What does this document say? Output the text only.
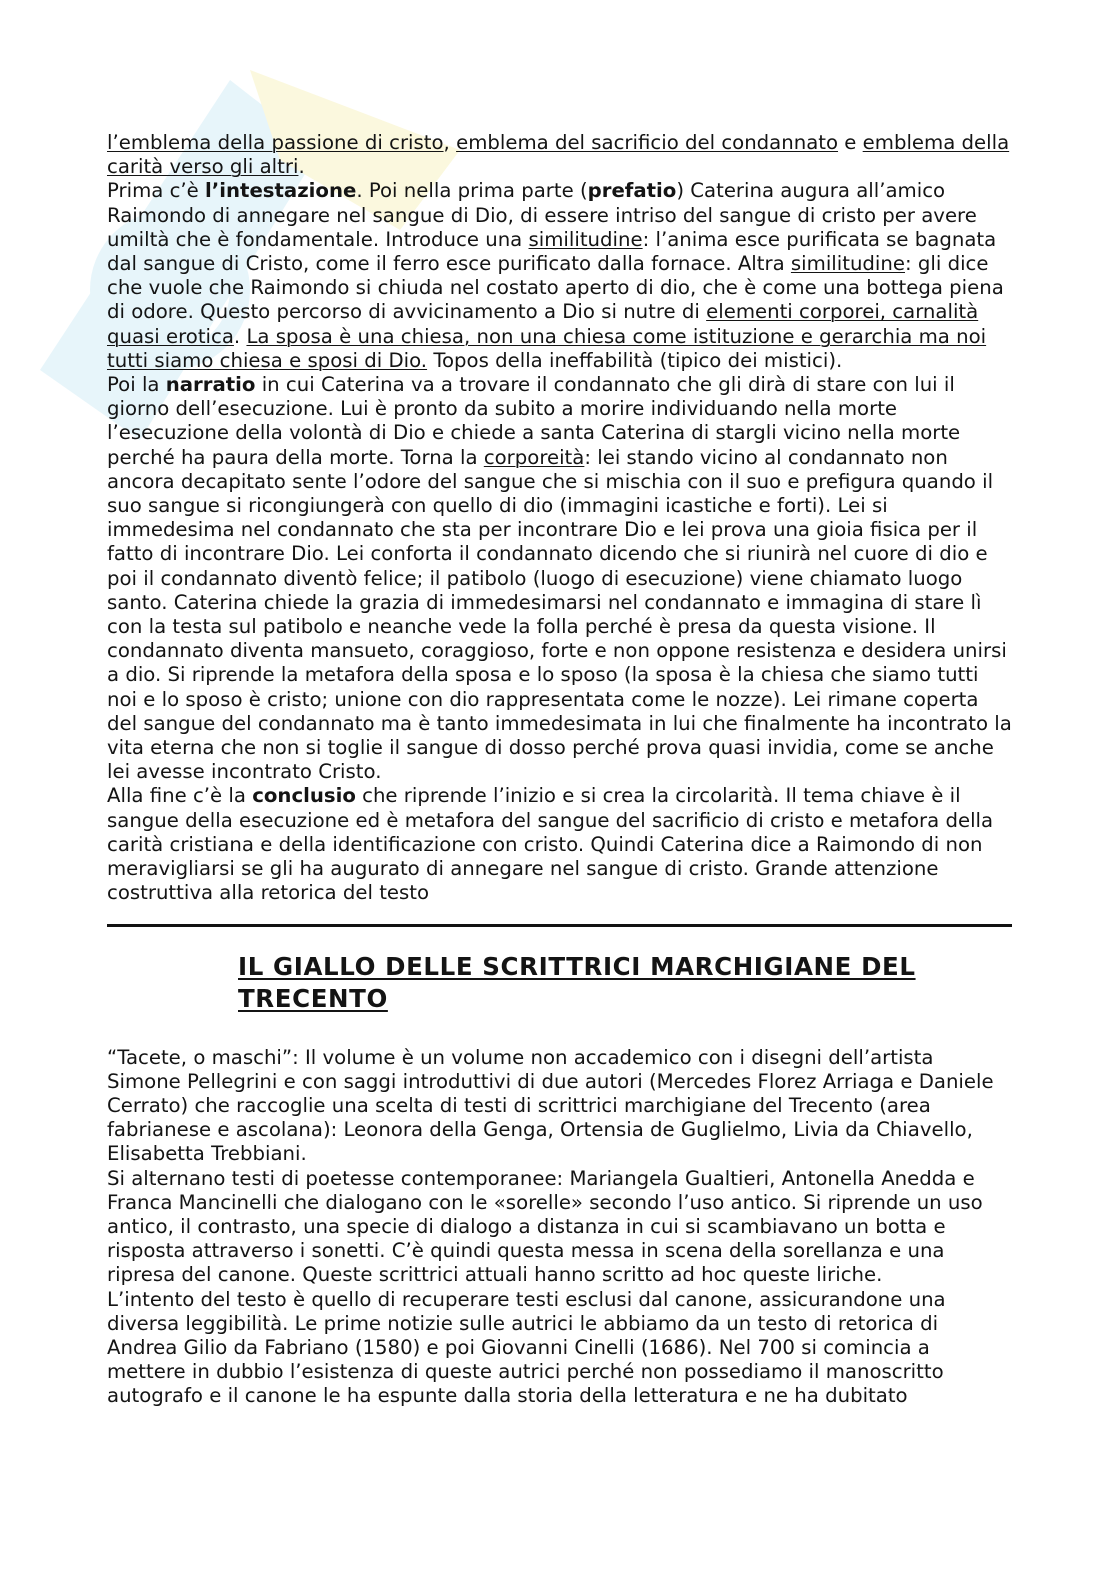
l’emblema della passione di cristo, emblema del sacrificio del condannato e emblema della carità verso gli altri.

Prima c’è l’intestazione. Poi nella prima parte (prefatio) Caterina augura all’amico Raimondo di annegare nel sangue di Dio, di essere intriso del sangue di cristo per avere umiltà che è fondamentale. Introduce una similitudine: l’anima esce purificata se bagnata dal sangue di Cristo, come il ferro esce purificato dalla fornace. Altra similitudine: gli dice che vuole che Raimondo si chiuda nel costato aperto di dio, che è come una bottega piena di odore. Questo percorso di avvicinamento a Dio si nutre di elementi corporei, carnalità quasi erotica. La sposa è una chiesa, non una chiesa come istituzione e gerarchia ma noi tutti siamo chiesa e sposi di Dio. Topos della ineffabilità (tipico dei mistici).

Poi la narratio in cui Caterina va a trovare il condannato che gli dirà di stare con lui il giorno dell’esecuzione. Lui è pronto da subito a morire individuando nella morte l’esecuzione della volontà di Dio e chiede a santa Caterina di stargli vicino nella morte perché ha paura della morte. Torna la corporeità: lei stando vicino al condannato non ancora decapitato sente l’odore del sangue che si mischia con il suo e prefigura quando il suo sangue si ricongiungerà con quello di dio (immagini icastiche e forti). Lei si immedesima nel condannato che sta per incontrare Dio e lei prova una gioia fisica per il fatto di incontrare Dio. Lei conforta il condannato dicendo che si riunirà nel cuore di dio e poi il condannato diventò felice; il patibolo (luogo di esecuzione) viene chiamato luogo santo. Caterina chiede la grazia di immedesimarsi nel condannato e immagina di stare lì con la testa sul patibolo e neanche vede la folla perché è presa da questa visione. Il condannato diventa mansueto, coraggioso, forte e non oppone resistenza e desidera unirsi a dio. Si riprende la metafora della sposa e lo sposo (la sposa è la chiesa che siamo tutti noi e lo sposo è cristo; unione con dio rappresentata come le nozze). Lei rimane coperta del sangue del condannato ma è tanto immedesimata in lui che finalmente ha incontrato la vita eterna che non si toglie il sangue di dosso perché prova quasi invidia, come se anche lei avesse incontrato Cristo.

Alla fine c’è la conclusio che riprende l’inizio e si crea la circolarità. Il tema chiave è il sangue della esecuzione ed è metafora del sangue del sacrificio di cristo e metafora della carità cristiana e della identificazione con cristo. Quindi Caterina dice a Raimondo di non meravigliarsi se gli ha augurato di annegare nel sangue di cristo. Grande attenzione costruttiva alla retorica del testo

IL GIALLO DELLE SCRITTRICI MARCHIGIANE DEL
TRECENTO

“Tacete, o maschi”: Il volume è un volume non accademico con i disegni dell’artista Simone Pellegrini e con saggi introduttivi di due autori (Mercedes Florez Arriaga e Daniele Cerrato) che raccoglie una scelta di testi di scrittrici marchigiane del Trecento (area fabrianese e ascolana): Leonora della Genga, Ortensia de Guglielmo, Livia da Chiavello, Elisabetta Trebbiani.

Si alternano testi di poetesse contemporanee: Mariangela Gualtieri, Antonella Anedda e Franca Mancinelli che dialogano con le «sorelle» secondo l’uso antico. Si riprende un uso antico, il contrasto, una specie di dialogo a distanza in cui si scambiavano un botta e risposta attraverso i sonetti. C’è quindi questa messa in scena della sorellanza e una ripresa del canone. Queste scrittrici attuali hanno scritto ad hoc queste liriche.

L’intento del testo è quello di recuperare testi esclusi dal canone, assicurandone una diversa leggibilità. Le prime notizie sulle autrici le abbiamo da un testo di retorica di Andrea Gilio da Fabriano (1580) e poi Giovanni Cinelli (1686). Nel 700 si comincia a mettere in dubbio l’esistenza di queste autrici perché non possediamo il manoscritto autografo e il canone le ha espunte dalla storia della letteratura e ne ha dubitato
